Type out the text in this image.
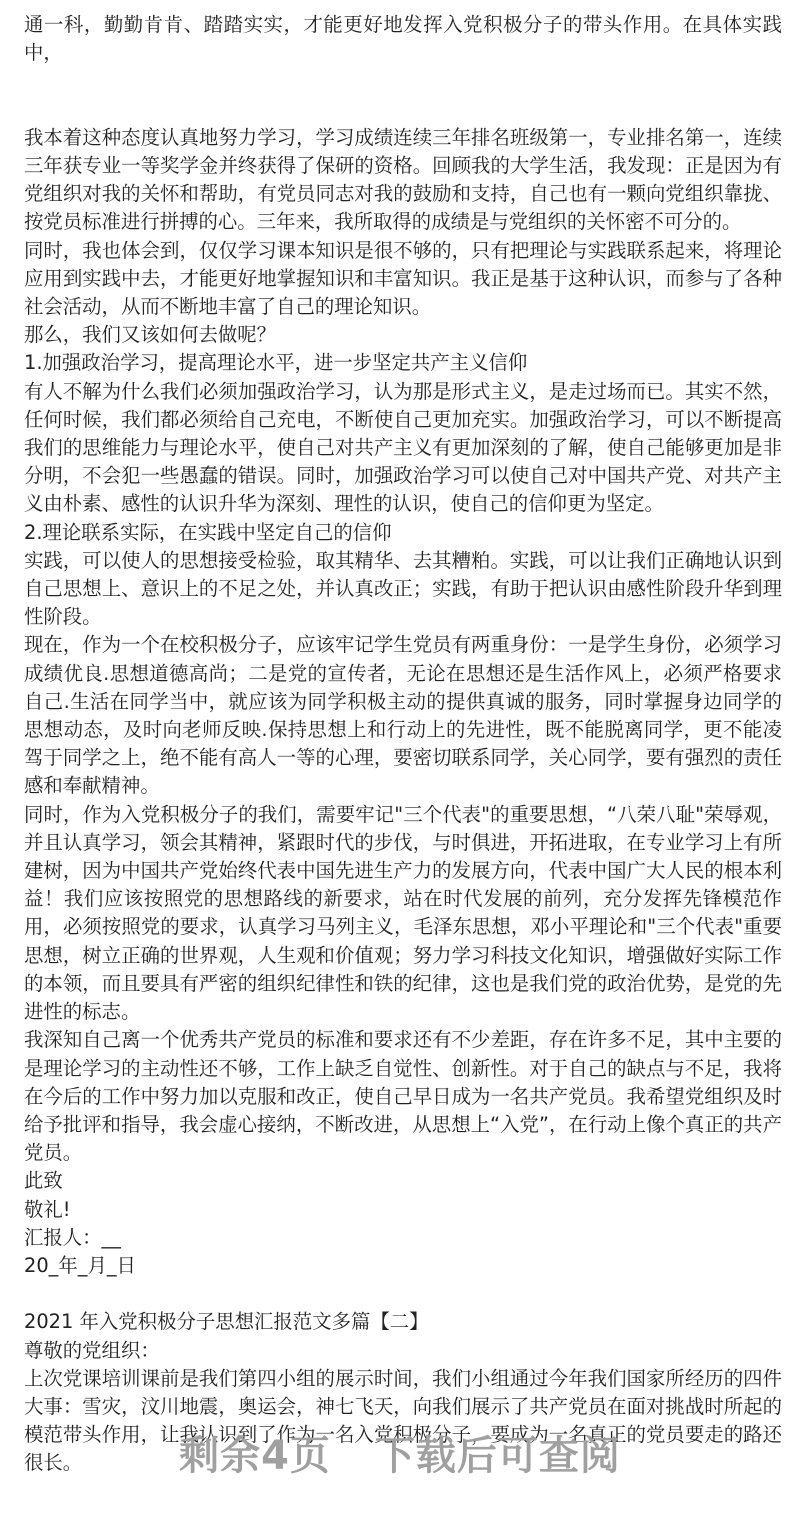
通一科，勤勤肯肯、踏踏实实，才能更好地发挥入党积极分子的带头作用。在具体实践中，

我本着这种态度认真地努力学习，学习成绩连续三年排名班级第一，专业排名第一，连续三年获专业一等奖学金并终获得了保研的资格。回顾我的大学生活，我发现：正是因为有党组织对我的关怀和帮助，有党员同志对我的鼓励和支持，自己也有一颗向党组织靠拢、按党员标准进行拼搏的心。三年来，我所取得的成绩是与党组织的关怀密不可分的。

同时，我也体会到，仅仅学习课本知识是很不够的，只有把理论与实践联系起来，将理论应用到实践中去，才能更好地掌握知识和丰富知识。我正是基于这种认识，而参与了各种社会活动，从而不断地丰富了自己的理论知识。

那么，我们又该如何去做呢？

1.加强政治学习，提高理论水平，进一步坚定共产主义信仰

有人不解为什么我们必须加强政治学习，认为那是形式主义，是走过场而已。其实不然，任何时候，我们都必须给自己充电，不断使自己更加充实。加强政治学习，可以不断提高我们的思维能力与理论水平，使自己对共产主义有更加深刻的了解，使自己能够更加是非分明，不会犯一些愚蠢的错误。同时，加强政治学习可以使自己对中国共产党、对共产主义由朴素、感性的认识升华为深刻、理性的认识，使自己的信仰更为坚定。

2.理论联系实际，在实践中坚定自己的信仰

实践，可以使人的思想接受检验，取其精华、去其糟粕。实践，可以让我们正确地认识到自己思想上、意识上的不足之处，并认真改正；实践，有助于把认识由感性阶段升华到理性阶段。

现在，作为一个在校积极分子，应该牢记学生党员有两重身份：一是学生身份，必须学习成绩优良.思想道德高尚；二是党的宣传者，无论在思想还是生活作风上，必须严格要求自己.生活在同学当中，就应该为同学积极主动的提供真诚的服务，同时掌握身边同学的思想动态，及时向老师反映.保持思想上和行动上的先进性，既不能脱离同学，更不能凌驾于同学之上，绝不能有高人一等的心理，要密切联系同学，关心同学，要有强烈的责任感和奉献精神。

同时，作为入党积极分子的我们，需要牢记"三个代表"的重要思想，“八荣八耻"荣辱观，并且认真学习，领会其精神，紧跟时代的步伐，与时俱进，开拓进取，在专业学习上有所建树，因为中国共产党始终代表中国先进生产力的发展方向，代表中国广大人民的根本利益！我们应该按照党的思想路线的新要求，站在时代发展的前列，充分发挥先锋模范作用，必须按照党的要求，认真学习马列主义，毛泽东思想，邓小平理论和"三个代表"重要思想，树立正确的世界观，人生观和价值观；努力学习科技文化知识，增强做好实际工作的本领，而且要具有严密的组织纪律性和铁的纪律，这也是我们党的政治优势，是党的先进性的标志。

我深知自己离一个优秀共产党员的标准和要求还有不少差距，存在许多不足，其中主要的是理论学习的主动性还不够，工作上缺乏自觉性、创新性。对于自己的缺点与不足，我将在今后的工作中努力加以克服和改正，使自己早日成为一名共产党员。我希望党组织及时给予批评和指导，我会虚心接纳，不断改进，从思想上“入党”，在行动上像个真正的共产党员。

此致

敬礼!

汇报人：__

20_年_月_日

2021 年入党积极分子思想汇报范文多篇【二】

尊敬的党组织：

上次党课培训课前是我们第四小组的展示时间，我们小组通过今年我们国家所经历的四件大事：雪灾，汶川地震，奥运会，神七飞天，向我们展示了共产党员在面对挑战时所起的模范带头作用，让我认识到了作为一名入党积极分子，要成为一名真正的党员要走的路还很长。	剩余4页 下载后可查阅
